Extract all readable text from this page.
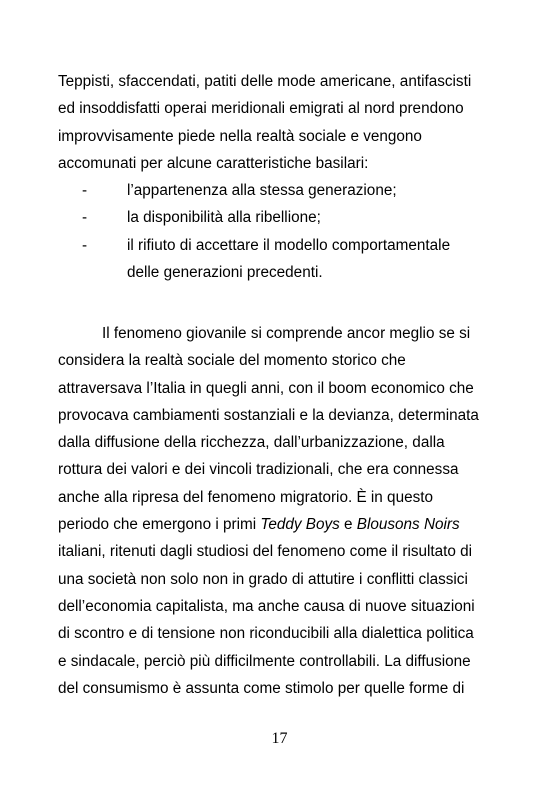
Teppisti, sfaccendati, patiti delle mode americane, antifascisti
ed insoddisfatti operai meridionali emigrati al nord prendono
improvvisamente piede nella realtà sociale e vengono
accomunati per alcune caratteristiche basilari:
-	l’appartenenza alla stessa generazione;
-	la disponibilità alla ribellione;
-	il rifiuto di accettare il modello comportamentale
delle generazioni precedenti.
Il fenomeno giovanile si comprende ancor meglio se si
considera la realtà sociale del momento storico che
attraversava l’Italia in quegli anni, con il boom economico che
provocava cambiamenti sostanziali e la devianza, determinata
dalla diffusione della ricchezza, dall’urbanizzazione, dalla
rottura dei valori e dei vincoli tradizionali, che era connessa
anche alla ripresa del fenomeno migratorio. È in questo
periodo che emergono i primi Teddy Boys e Blousons Noirs
italiani, ritenuti dagli studiosi del fenomeno come il risultato di
una società non solo non in grado di attutire i conflitti classici
dell’economia capitalista, ma anche causa di nuove situazioni
di scontro e di tensione non riconducibili alla dialettica politica
e sindacale, perciò più difficilmente controllabili. La diffusione
del consumismo è assunta come stimolo per quelle forme di
17
